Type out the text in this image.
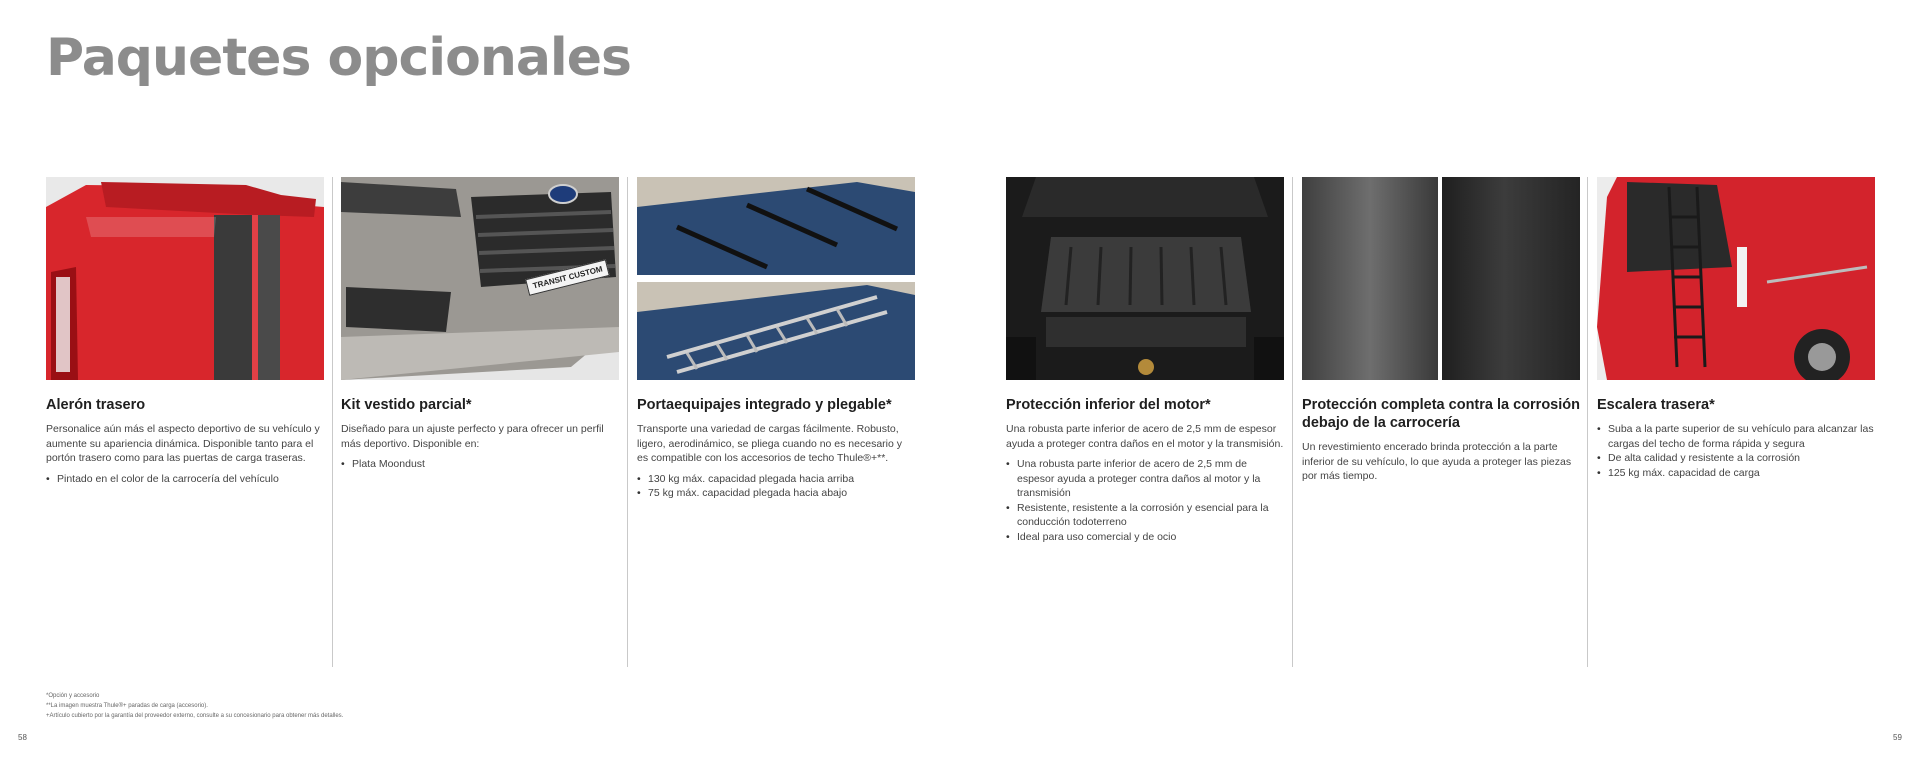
Paquetes opcionales
Alerón trasero

Personalice aún más el aspecto deportivo de su vehículo y aumente su apariencia dinámica. Disponible tanto para el portón trasero como para las puertas de carga traseras.

• Pintado en el color de la carrocería del vehículo
TRANSIT CUSTOM
Kit vestido parcial*

Diseñado para un ajuste perfecto y para ofrecer un perfil más deportivo. Disponible en:

• Plata Moondust
Portaequipajes integrado y plegable*

Transporte una variedad de cargas fácilmente. Robusto, ligero, aerodinámico, se pliega cuando no es necesario y es compatible con los accesorios de techo Thule®+**.

• 130 kg máx. capacidad plegada hacia arriba
• 75 kg máx. capacidad plegada hacia abajo
Protección inferior del motor*

Una robusta parte inferior de acero de 2,5 mm de espesor ayuda a proteger contra daños en el motor y la transmisión.

• Una robusta parte inferior de acero de 2,5 mm de espesor ayuda a proteger contra daños al motor y la transmisión
• Resistente, resistente a la corrosión y esencial para la conducción todoterreno
• Ideal para uso comercial y de ocio
Protección completa contra la corrosión debajo de la carrocería

Un revestimiento encerado brinda protección a la parte inferior de su vehículo, lo que ayuda a proteger las piezas por más tiempo.

Escalera trasera*
• Suba a la parte superior de su vehículo para alcanzar las cargas del techo de forma rápida y segura
• De alta calidad y resistente a la corrosión
• 125 kg máx. capacidad de carga
*Opción y accesorio
**La imagen muestra Thule®+ paradas de carga (accesorio).
+Artículo cubierto por la garantía del proveedor externo, consulte a su concesionario para obtener más detalles.
58	59
